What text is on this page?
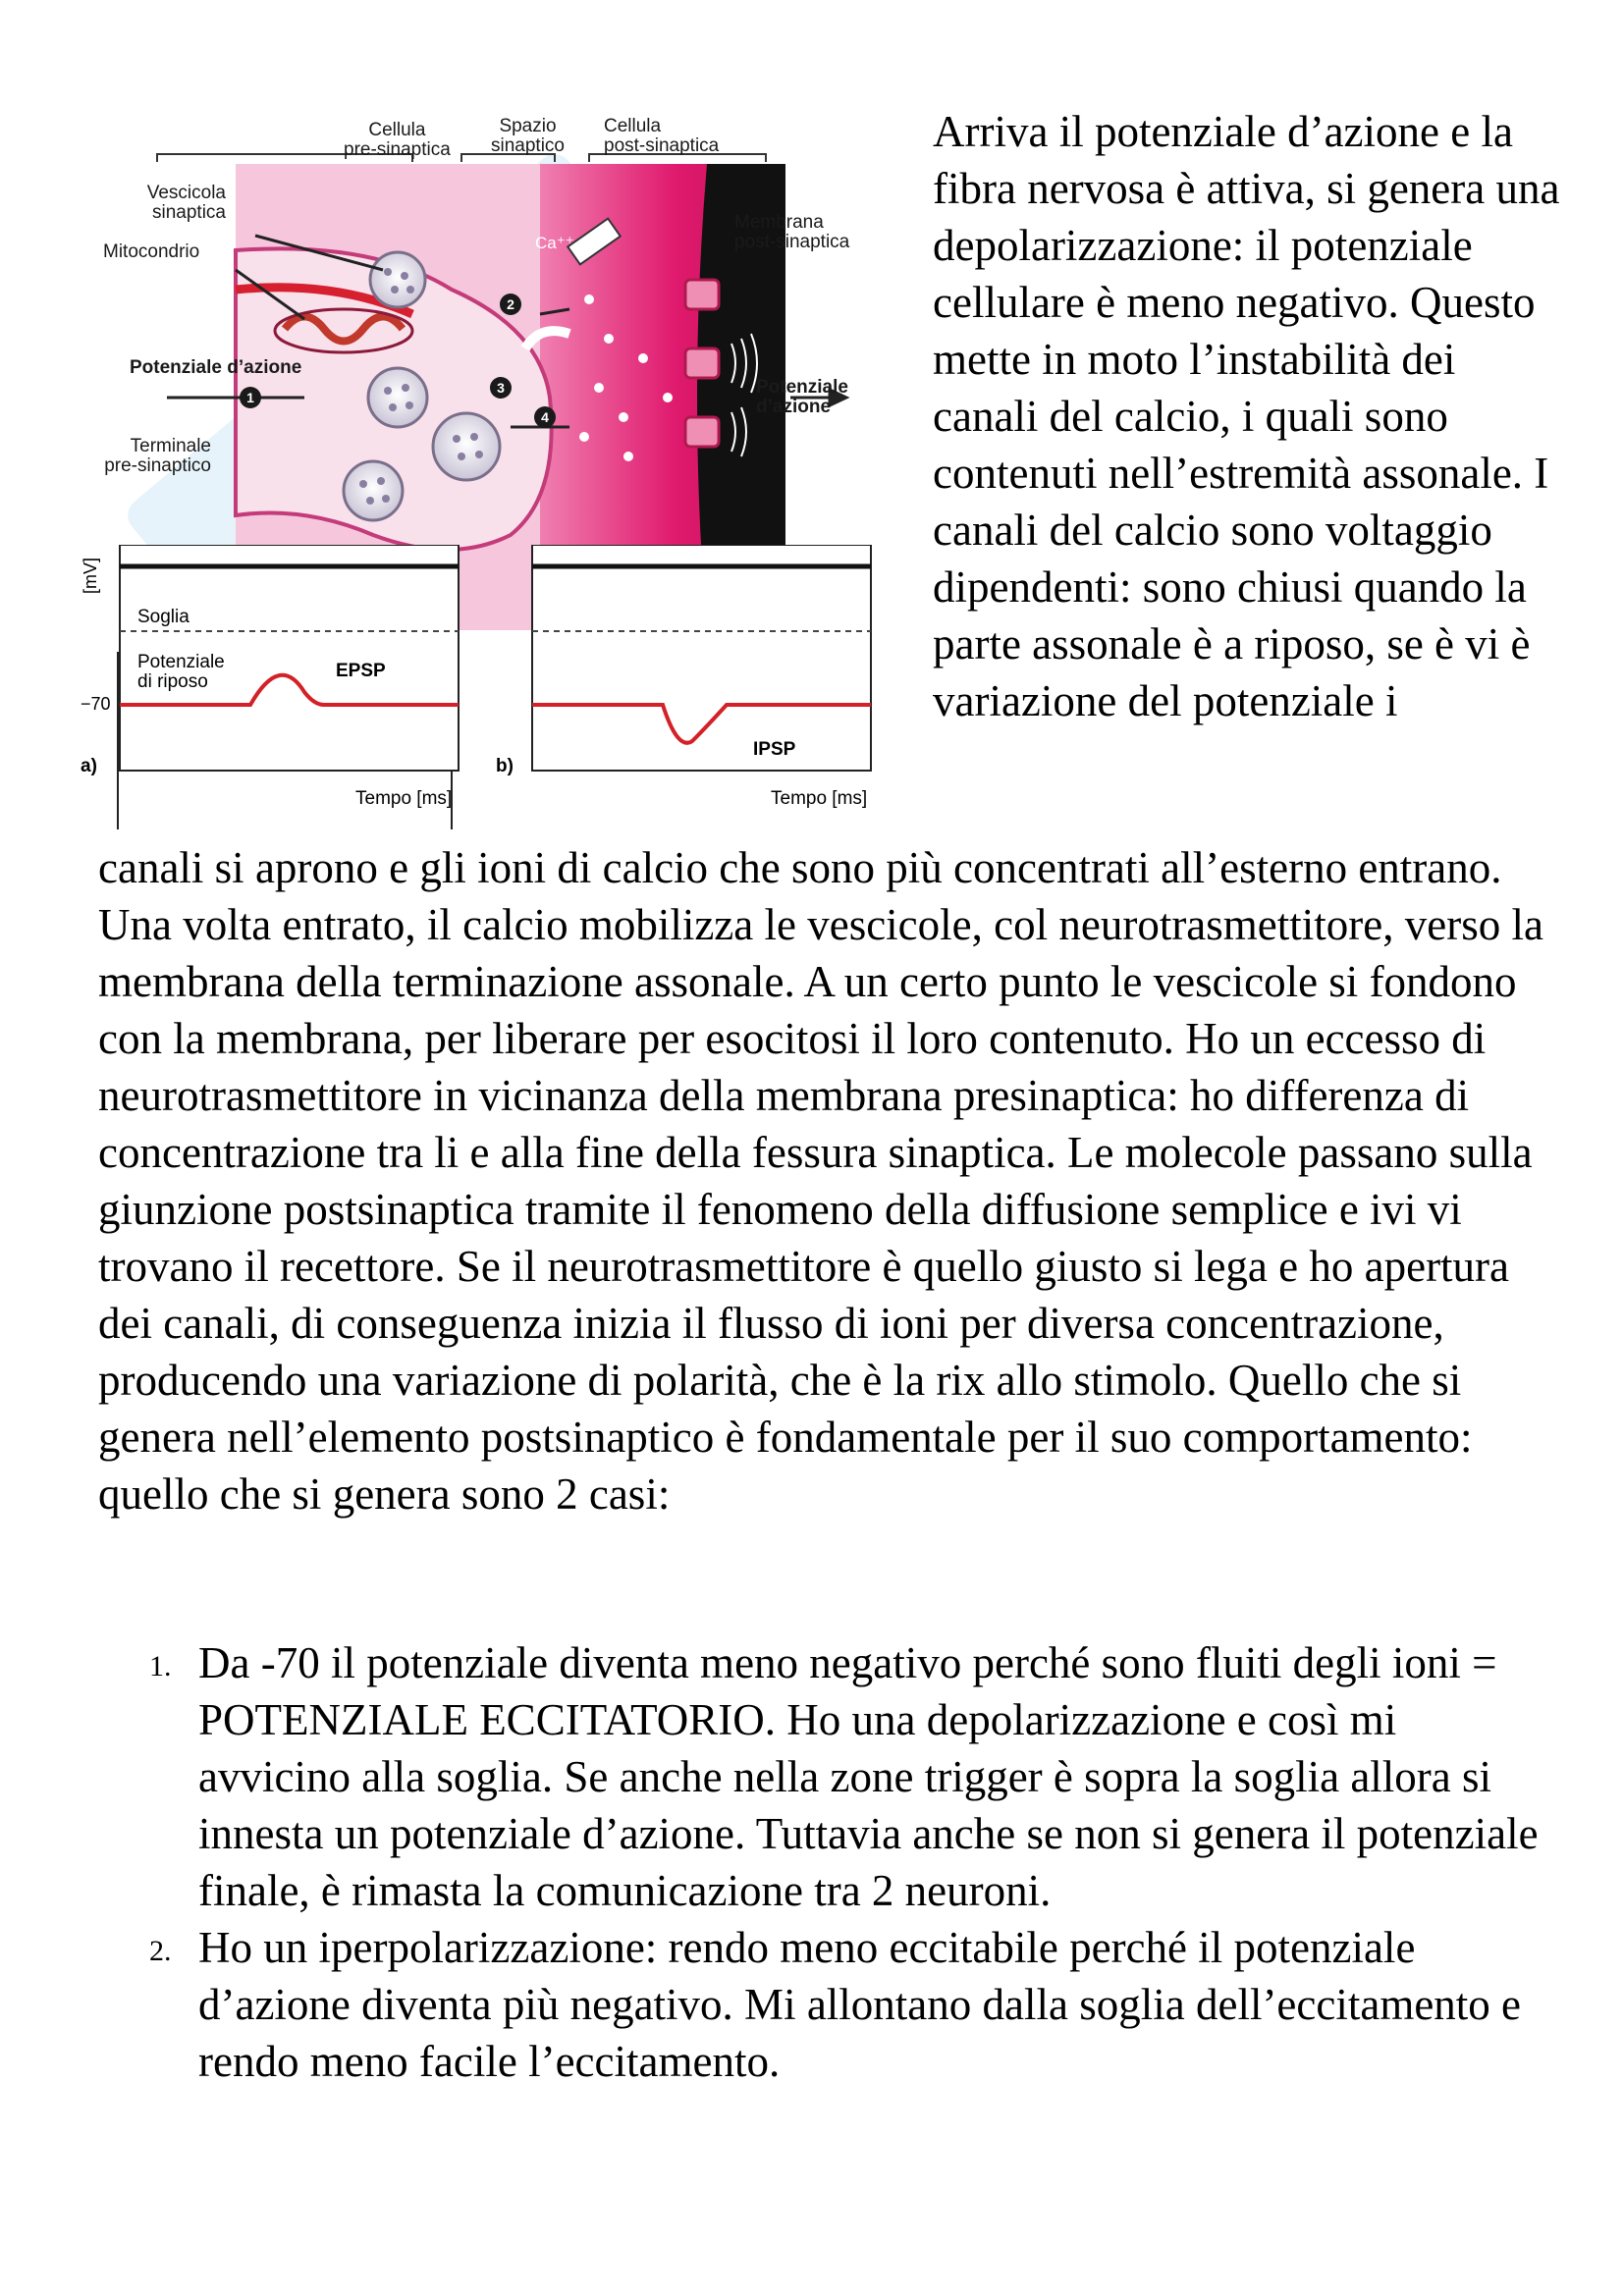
1
2
3
4
Ca⁺⁺
Cellula
pre-sinaptica
Spazio
sinaptico
Cellula
post-sinaptica
Vescicola
sinaptica
Mitocondrio
Potenziale d’azione
Terminale
pre-sinaptico
Membrana
post-sinaptica
Potenziale
d’azione
[mV]
Soglia
Potenziale
di riposo
−70
EPSP
IPSP
a)	b)
Tempo [ms]	Tempo [ms]

Arriva il potenziale d’azione e la fibra nervosa è attiva, si genera una depolarizzazione: il potenziale cellulare è meno negativo. Questo mette in moto l’instabilità dei canali del calcio, i quali sono contenuti nell’estremità assonale. I canali del calcio sono voltaggio dipendenti: sono chiusi quando la parte assonale è a riposo, se è vi è variazione del potenziale i

canali si aprono e gli ioni di calcio che sono più concentrati all’esterno entrano. Una volta entrato, il calcio mobilizza le vescicole, col neurotrasmettitore, verso la membrana della terminazione assonale. A un certo punto le vescicole si fondono con la membrana, per liberare per esocitosi il loro contenuto. Ho un eccesso di neurotrasmettitore in vicinanza della membrana presinaptica: ho differenza di concentrazione tra li e alla fine della fessura sinaptica. Le molecole passano sulla giunzione postsinaptica tramite il fenomeno della diffusione semplice e ivi vi trovano il recettore. Se il neurotrasmettitore è quello giusto si lega e ho apertura dei canali, di conseguenza inizia il flusso di ioni per diversa concentrazione, producendo una variazione di polarità, che è la rix allo stimolo. Quello che si genera nell’elemento postsinaptico è fondamentale per il suo comportamento: quello che si genera sono 2 casi:

1. Da -70 il potenziale diventa meno negativo perché sono fluiti degli ioni = POTENZIALE ECCITATORIO. Ho una depolarizzazione e così mi avvicino alla soglia. Se anche nella zone trigger è sopra la soglia allora si innesta un potenziale d’azione. Tuttavia anche se non si genera il potenziale finale, è rimasta la comunicazione tra 2 neuroni.
2. Ho un iperpolarizzazione: rendo meno eccitabile perché il potenziale d’azione diventa più negativo. Mi allontano dalla soglia dell’eccitamento e rendo meno facile l’eccitamento.
